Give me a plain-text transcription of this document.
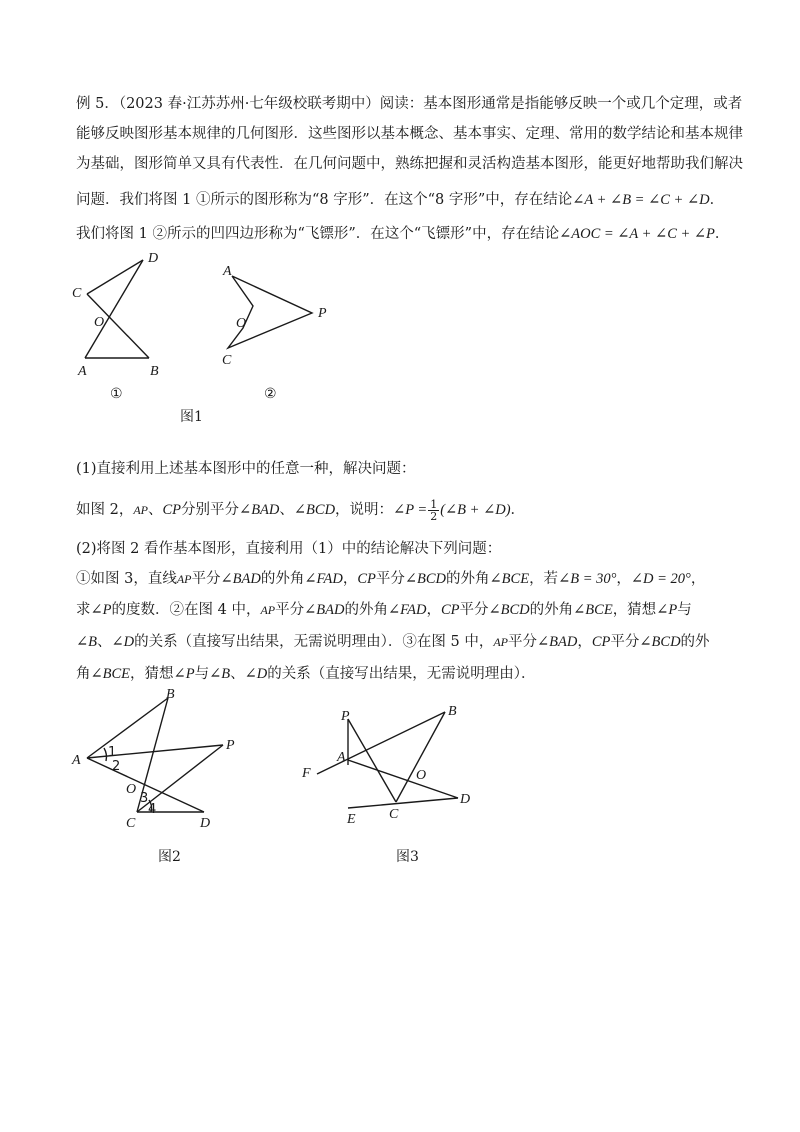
例 5．（2023 春·江苏苏州·七年级校联考期中）阅读：基本图形通常是指能够反映一个或几个定理，或者
能够反映图形基本规律的几何图形．这些图形以基本概念、基本事实、定理、常用的数学结论和基本规律
为基础，图形简单又具有代表性．在几何问题中，熟练把握和灵活构造基本图形，能更好地帮助我们解决
问题．我们将图 1 ①所示的图形称为“8 字形”．在这个“8 字形”中，存在结论∠A + ∠B = ∠C + ∠D．
我们将图 1 ②所示的凹四边形称为“飞镖形”．在这个“飞镖形”中，存在结论∠AOC = ∠A + ∠C + ∠P．
D
C
O
A	B
①
A
O
P
C
②
图1
(1)直接利用上述基本图形中的任意一种，解决问题：
如图 2，AP、CP分别平分∠BAD、∠BCD，说明：∠P = $\frac{1}{2}$ (∠B + ∠D)．
(2)将图 2 看作基本图形，直接利用（1）中的结论解决下列问题：
①如图 3，直线AP平分∠BAD的外角∠FAD，CP平分∠BCD的外角∠BCE，若∠B = 30°，∠D = 20°，
求∠P的度数．②在图 4 中，AP平分∠BAD的外角∠FAD，CP平分∠BCD的外角∠BCE，猜想∠P与
∠B、∠D的关系（直接写出结果，无需说明理由）．③在图 5 中，AP平分∠BAD，CP平分∠BCD的外
角∠BCE，猜想∠P与∠B、∠D的关系（直接写出结果，无需说明理由）．
B
A
P
O
C	D
1
2
3
4
图2
P	B
A
F	O
D
E C
图3
